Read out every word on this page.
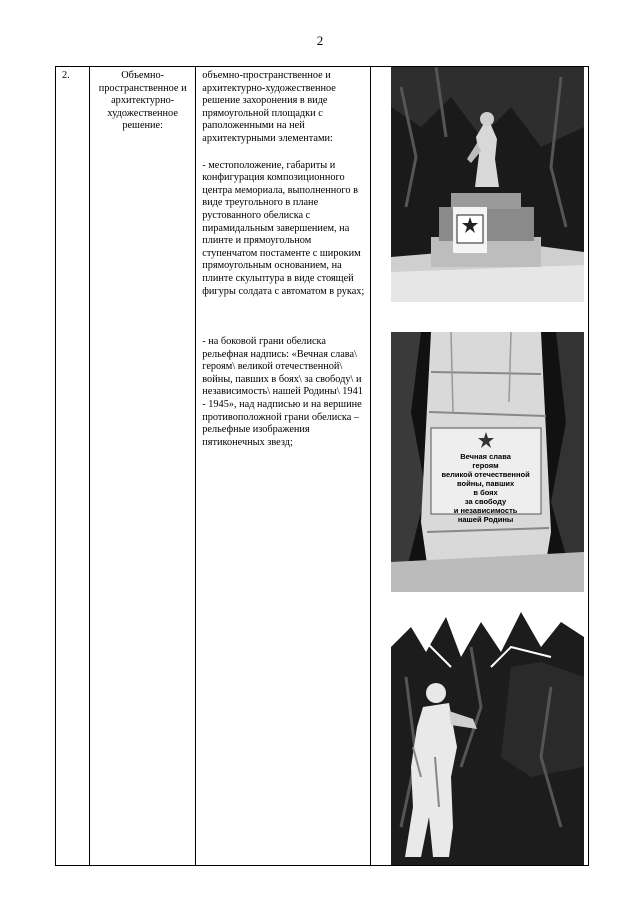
2
2.	Объемно-пространственное и архитектурно-художественное решение:	

объемно-пространственное и архитектурно-художественное решение захоронения в виде прямоугольной площадки с раположенными на ней архитектурными элементами:

- местоположение, габариты и конфигурация композиционного центра мемориала, выполненного в виде треугольного в плане рустованного обелиска с пирамидальным завершением, на плинте и прямоугольном ступенчатом постаменте с широким прямоугольным основанием, на плинте скульптура в виде стоящей фигуры солдата с автоматом в руках;

- на боковой грани обелиска рельефная надпись: «Вечная слава\ героям\ великой отечественной\ войны, павших в боях\ за свободу\ и независимость\ нашей Родины\ 1941 - 1945», над надписью и на вершине противоположной грани обелиска – рельефные изображения пятиконечных звезд;

Вечная слава
героям
великой отечественной
войны, павших
в боях
за свободу
и независимость
нашей Родины
